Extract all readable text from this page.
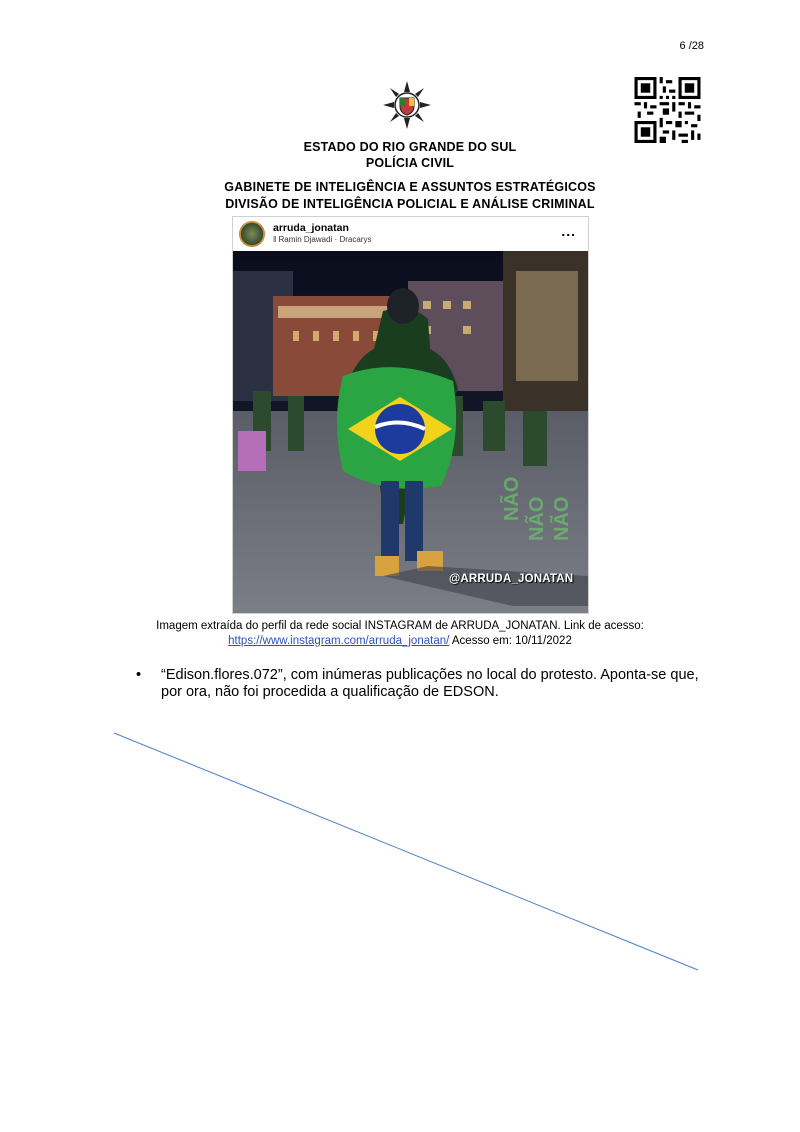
6 /28
ESTADO DO RIO GRANDE DO SUL
POLÍCIA CIVIL
GABINETE DE INTELIGÊNCIA E ASSUNTOS ESTRATÉGICOS
DIVISÃO DE INTELIGÊNCIA POLICIAL E ANÁLISE CRIMINAL
arruda_jonatan
‖ Ramin Djawadi · Dracarys
...
NÃO NÃO NÃO
@ARRUDA_JONATAN
Imagem extraída do perfil da rede social INSTAGRAM de ARRUDA_JONATAN. Link de acesso:
https://www.instagram.com/arruda_jonatan/ Acesso em: 10/11/2022
•	“Edison.flores.072”, com inúmeras publicações no local do protesto. Aponta-se que, por ora, não foi procedida a qualificação de EDSON.
